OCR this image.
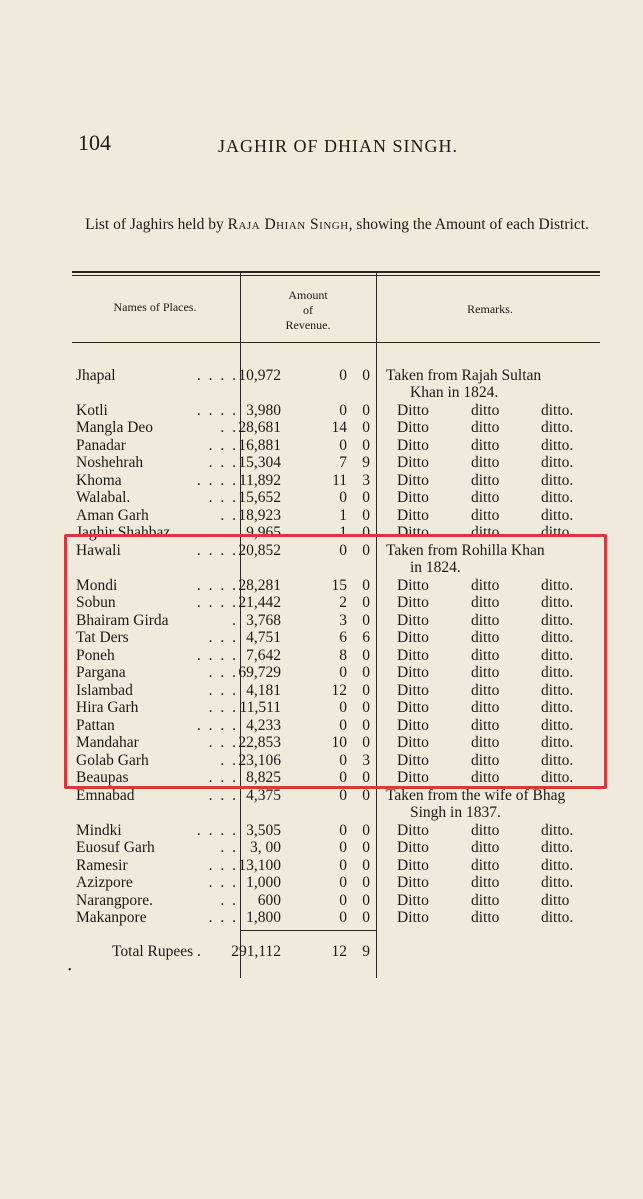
104	JAGHIR OF DHIAN SINGH.
List of Jaghirs held by Raja Dhian Singh, showing the Amount of each District.
Names of Places.
Amount
of
Revenue.
Remarks.
Jhapal	. . . . 10,972	0 0 Taken from Rajah Sultan
Khan in 1824.
Kotli	. . . . 3,980	0 0 Ditto	ditto	ditto.
Mangla Deo	. . 28,681	14 0 Ditto	ditto	ditto.
Panadar	. . . 16,881	0 0 Ditto	ditto	ditto.
Noshehrah	. . . 15,304	7 9 Ditto	ditto	ditto.
Khoma	. . . . 11,892	11 3 Ditto	ditto	ditto.
Walabal.	. . . 15,652	0 0 Ditto	ditto	ditto.
Aman Garh	. . 18,923	1 0 Ditto	ditto	ditto.
Jaghir Shahbaz	. 9,965	1 0 Ditto	ditto	ditto.
Hawali	. . . . 20,852	0 0 Taken from Rohilla Khan
in 1824.
Mondi	. . . . 28,281	15 0 Ditto	ditto	ditto.
Sobun	. . . . 21,442	2 0 Ditto	ditto	ditto.
Bhairam Girda	. 3,768	3 0 Ditto	ditto	ditto.
Tat Ders	. . . 4,751	6 6 Ditto	ditto	ditto.
Poneh	. . . . 7,642	8 0 Ditto	ditto	ditto.
Pargana	. . . 69,729	0 0 Ditto	ditto	ditto.
Islambad	. . . 4,181	12 0 Ditto	ditto	ditto.
Hira Garh	. . . 11,511	0 0 Ditto	ditto	ditto.
Pattan	. . . . 4,233	0 0 Ditto	ditto	ditto.
Mandahar	. . . 22,853	10 0 Ditto	ditto	ditto.
Golab Garh	. . 23,106	0 3 Ditto	ditto	ditto.
Beaupas	. . . 8,825	0 0 Ditto	ditto	ditto.
Emnabad	. . . 4,375	0 0 Taken from the wife of Bhag
Singh in 1837.
Mindki	. . . . 3,505	0 0 Ditto	ditto	ditto.
Euosuf Garh	. . 3, 00	0 0 Ditto	ditto	ditto.
Ramesir	. . . 13,100	0 0 Ditto	ditto	ditto.
Azizpore	. . . 1,000	0 0 Ditto	ditto	ditto.
Narangpore.	. . 600	0 0 Ditto	ditto	ditto
Makanpore	. . . 1,800	0 0 Ditto	ditto	ditto.
Total Rupees . 291,112	12 9
•
